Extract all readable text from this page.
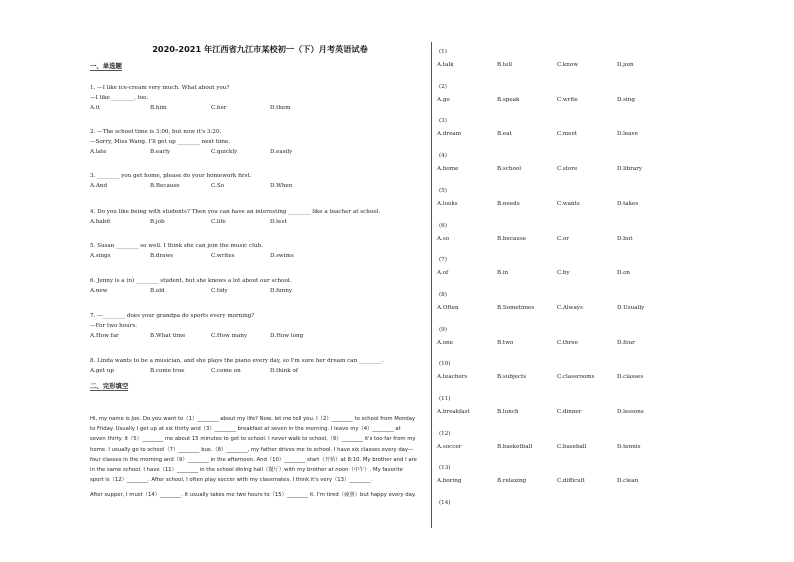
2020-2021 年江西省九江市某校初一（下）月考英语试卷
一、单选题
1. —I like ice-cream very much. What about you?
—I like ________, too.
A.it	B.him	C.her	D.them
2. —The school time is 3:00, but now it's 3:20.
—Sorry, Miss Wang. I'll get up ________ next time.
A.late	B.early	C.quickly	D.easily
3. ________ you get home, please do your homework first.
A.And	B.Because	C.So	D.When
4. Do you like being with students? Then you can have an interesting ________ like a teacher at school.
A.habit	B.job	C.life	D.test
5. Susan ________ so well. I think she can join the music club.
A.sings	B.draws	C.writes	D.swims
6. Jenny is a (n) ________ student, but she knows a lot about our school.
A.new	B.old	C.tidy	D.funny
7. —________ does your grandpa do sports every morning?
—For two hours.
A.How far	B.What time	C.How many	D.How long
8. Linda wants to be a musician, and she plays the piano every day, so I'm sure her dream can ________.
A.get up	B.come true	C.come on	D.think of
二、完形填空

Hi, my name is Joe. Do you want to（1）________ about my life? Now, let me tell you. I（2）________ to school from Monday to Friday. Usually I get up at six thirty and（3）________ breakfast at seven in the morning. I leave my（4）________ at seven thirty. It（5）________ me about 15 minutes to get to school. I never walk to school,（6）________ it's too far from my home. I usually go to school（7）________ bus.（8）________, my father drives me to school. I have six classes every day—four classes in the morning and（9）________ in the afternoon. And（10）________ start（开始）at 8:10. My brother and I are in the same school. I have（11）________ in the school dining hall（餐厅）with my brother at noon（中午）. My favorite sport is（12）________. After school, I often play soccer with my classmates. I think it's very（13）________.

After supper, I must（14）________. It usually takes me two hours to（15）________ it. I'm tired（疲惫）but happy every day.

(1)
A.talk	B.tell	C.know	D.join
(2)
A.go	B.speak	C.write	D.sing
(3)
A.dream	B.eat	C.meet	D.leave
(4)
A.home	B.school	C.store	D.library
(5)
A.looks	B.needs	C.wants	D.takes
(6)
A.so	B.because	C.or	D.but
(7)
A.of	B.in	C.by	D.on
(8)
A.Often	B.Sometimes	C.Always	D.Usually
(9)
A.one	B.two	C.three	D.four
(10)
A.teachers	B.subjects	C.classrooms	D.classes
(11)
A.breakfast	B.lunch	C.dinner	D.lessons
(12)
A.soccer	B.basketball	C.baseball	D.tennis
(13)
A.boring	B.relaxing	C.difficult	D.clean
(14)
